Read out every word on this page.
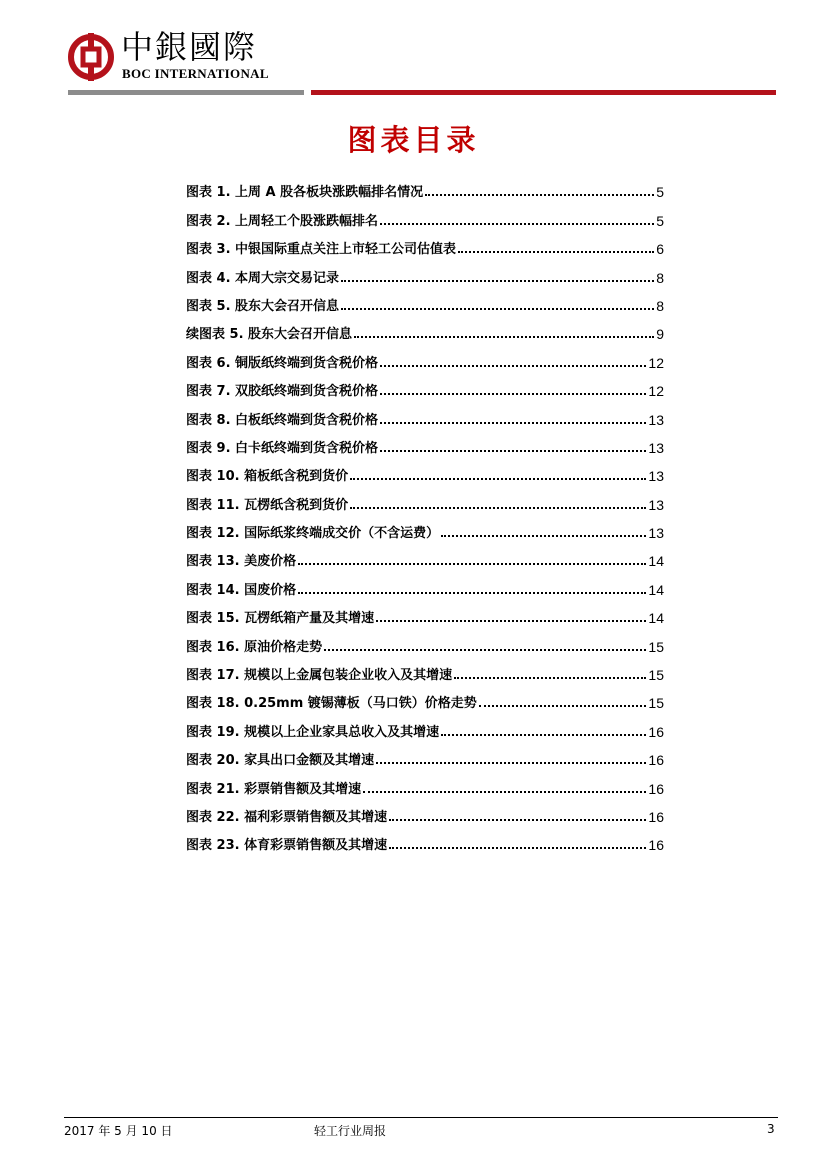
中銀國際
BOC INTERNATIONAL
图表目录
图表 1. 上周 A 股各板块涨跌幅排名情况	5
图表 2. 上周轻工个股涨跌幅排名	5
图表 3. 中银国际重点关注上市轻工公司估值表	6
图表 4. 本周大宗交易记录	8
图表 5. 股东大会召开信息	8
续图表 5. 股东大会召开信息	9
图表 6. 铜版纸终端到货含税价格	12
图表 7. 双胶纸终端到货含税价格	12
图表 8. 白板纸终端到货含税价格	13
图表 9. 白卡纸终端到货含税价格	13
图表 10. 箱板纸含税到货价	13
图表 11. 瓦楞纸含税到货价	13
图表 12. 国际纸浆终端成交价（不含运费）	13
图表 13. 美废价格	14
图表 14. 国废价格	14
图表 15. 瓦楞纸箱产量及其增速	14
图表 16. 原油价格走势	15
图表 17. 规模以上金属包装企业收入及其增速	15
图表 18. 0.25mm 镀锡薄板（马口铁）价格走势	15
图表 19. 规模以上企业家具总收入及其增速	16
图表 20. 家具出口金额及其增速	16
图表 21. 彩票销售额及其增速	16
图表 22. 福利彩票销售额及其增速	16
图表 23. 体育彩票销售额及其增速	16
2017 年 5 月 10 日	轻工行业周报	3
